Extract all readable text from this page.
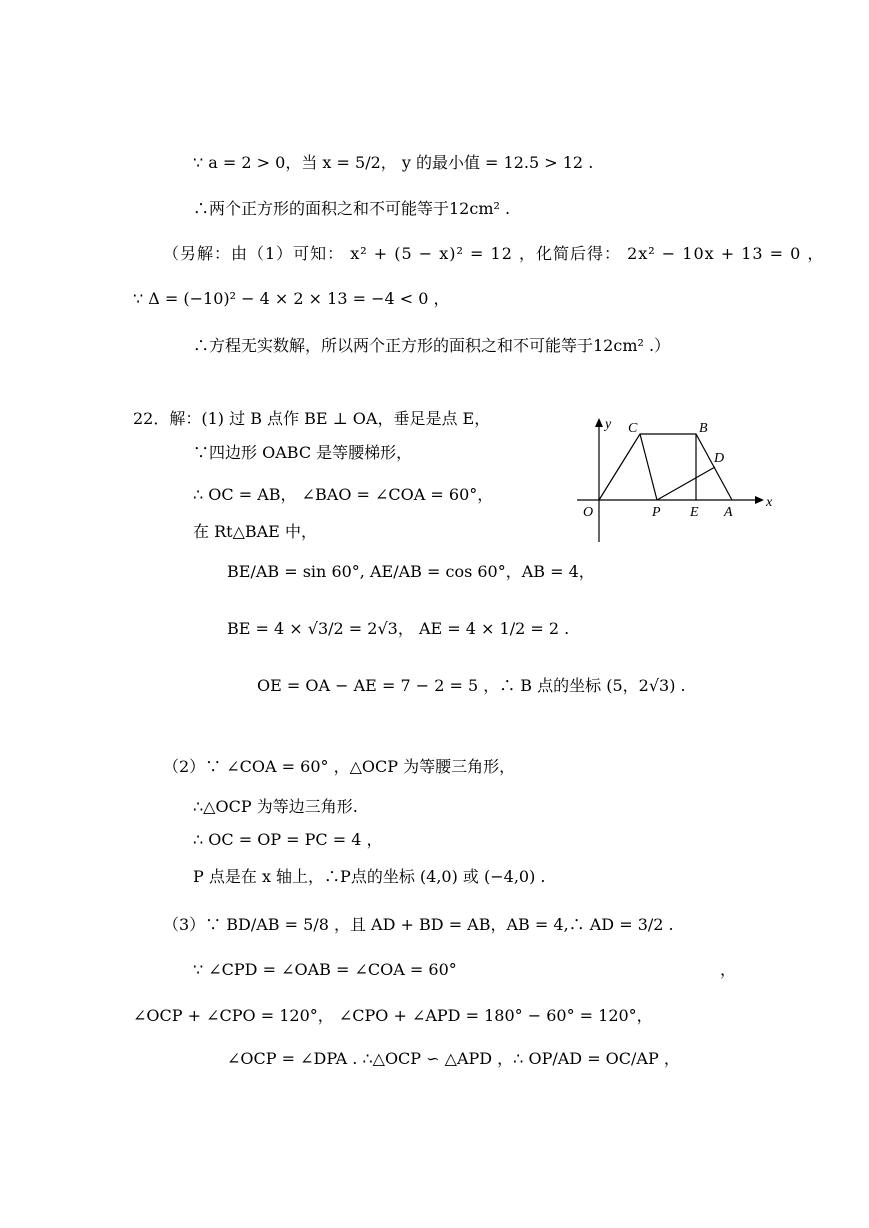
∵ a = 2 > 0，当 x = 5/2， y 的最小值 = 12.5 > 12 .
∴两个正方形的面积之和不可能等于12cm² .
（另解：由（1）可知： x² + (5 − x)² = 12 ，化简后得： 2x² − 10x + 13 = 0 ，
∵ Δ = (−10)² − 4 × 2 × 13 = −4 < 0 ，
∴方程无实数解，所以两个正方形的面积之和不可能等于12cm² .）
22．解：(1) 过 B 点作 BE ⊥ OA，垂足是点 E，
∵四边形 OABC 是等腰梯形，
∴ OC = AB， ∠BAO = ∠COA = 60°，
在 Rt△BAE 中，
BE/AB = sin 60°, AE/AB = cos 60°，AB = 4，
BE = 4 × √3/2 = 2√3， AE = 4 × 1/2 = 2 .
OE = OA − AE = 7 − 2 = 5 ，∴ B 点的坐标 (5，2√3) .
（2）∵ ∠COA = 60° ，△OCP 为等腰三角形，
∴△OCP 为等边三角形.
∴ OC = OP = PC = 4 ，
P 点是在 x 轴上，∴P点的坐标 (4,0) 或 (−4,0) .
（3）∵ BD/AB = 5/8 ，且 AD + BD = AB，AB = 4,∴ AD = 3/2 .
∵ ∠CPD = ∠OAB = ∠COA = 60°	，
∠OCP + ∠CPO = 120°， ∠CPO + ∠APD = 180° − 60° = 120°，
∠OCP = ∠DPA . ∴△OCP ∽ △APD ，∴ OP/AD = OC/AP ，
y
x
C	B
D
O	P E A
